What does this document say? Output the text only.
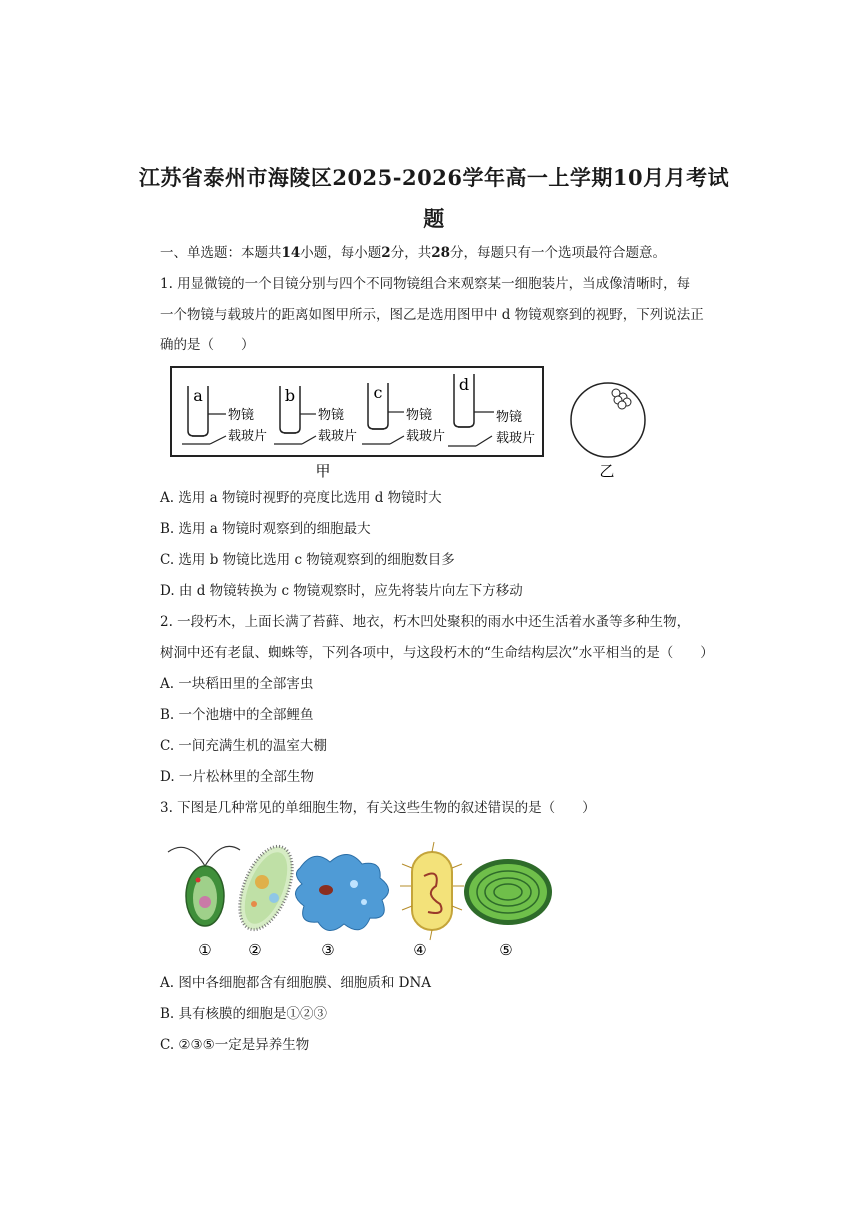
江苏省泰州市海陵区2025-2026学年高一上学期10月月考试
题
一、单选题：本题共14小题，每小题2分，共28分，每题只有一个选项最符合题意。
1. 用显微镜的一个目镜分别与四个不同物镜组合来观察某一细胞装片，当成像清晰时，每
一个物镜与载玻片的距离如图甲所示，图乙是选用图甲中 d 物镜观察到的视野，下列说法正
确的是（　　）
a
物镜
载玻片
b
物镜
载玻片
c
物镜
载玻片
d
物镜
载玻片
甲	乙
A. 选用 a 物镜时视野的亮度比选用 d 物镜时大
B. 选用 a 物镜时观察到的细胞最大
C. 选用 b 物镜比选用 c 物镜观察到的细胞数目多
D. 由 d 物镜转换为 c 物镜观察时，应先将装片向左下方移动
2. 一段朽木，上面长满了苔藓、地衣，朽木凹处聚积的雨水中还生活着水蚤等多种生物，
树洞中还有老鼠、蜘蛛等，下列各项中，与这段朽木的“生命结构层次”水平相当的是（　　）
A. 一块稻田里的全部害虫
B. 一个池塘中的全部鲤鱼
C. 一间充满生机的温室大棚
D. 一片松林里的全部生物
3. 下图是几种常见的单细胞生物，有关这些生物的叙述错误的是（　　）
① ②	③	④	⑤
A. 图中各细胞都含有细胞膜、细胞质和 DNA
B. 具有核膜的细胞是①②③
C. ②③⑤一定是异养生物
